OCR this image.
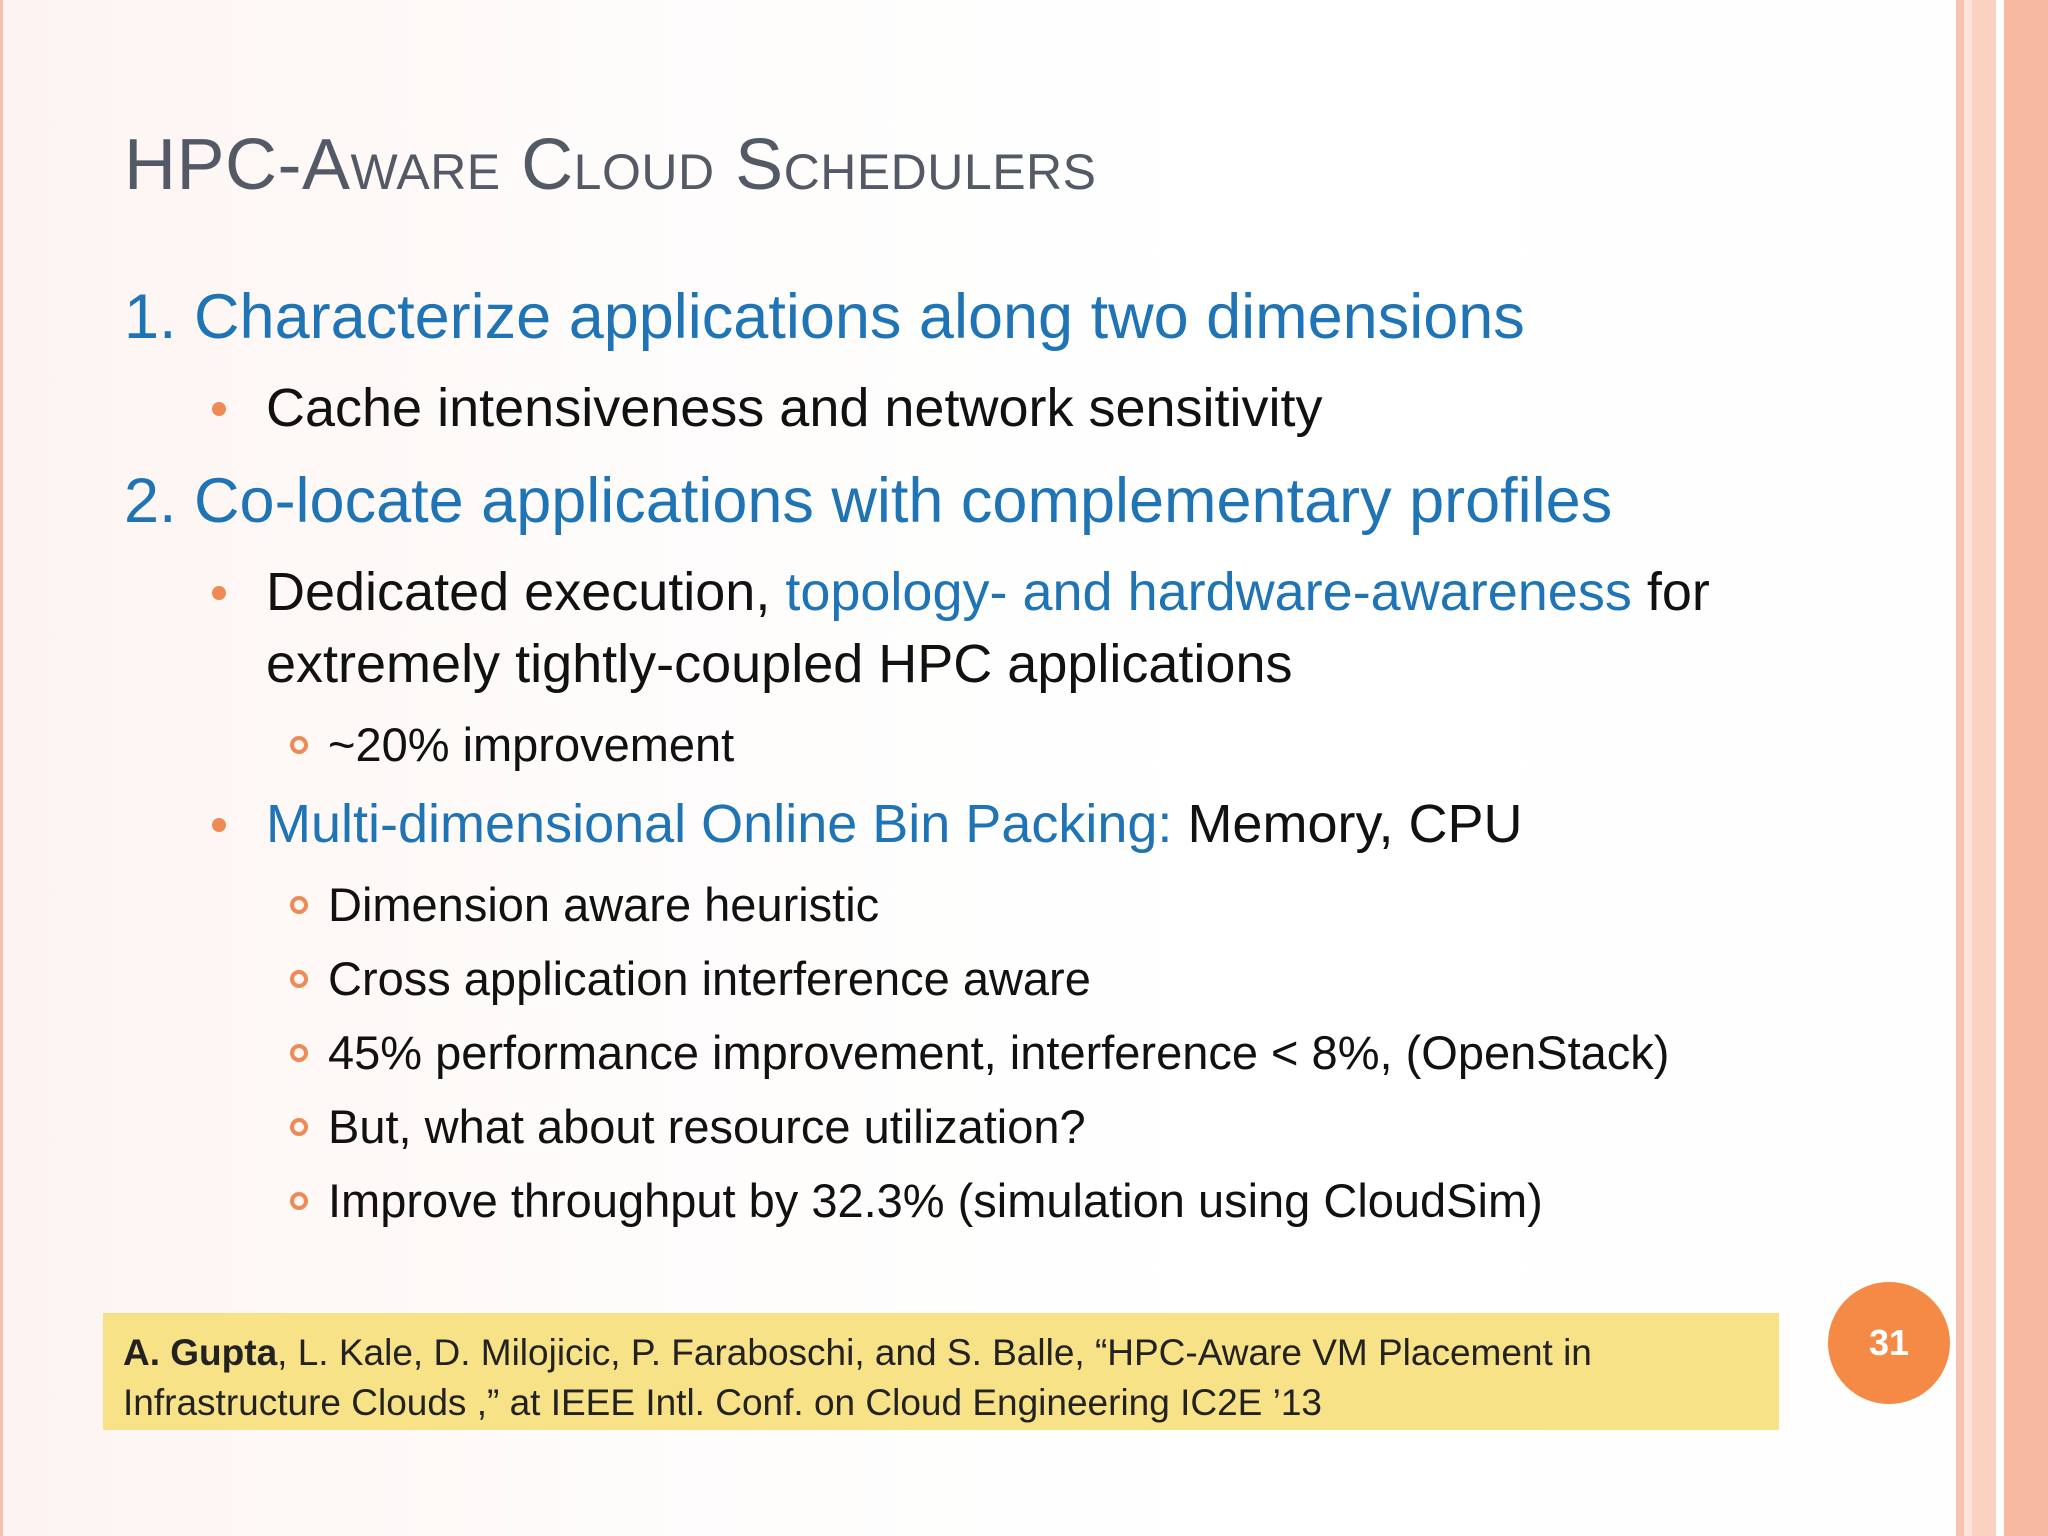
HPC-Aware Cloud Schedulers
1. Characterize applications along two dimensions
Cache intensiveness and network sensitivity
2. Co-locate applications with complementary profiles
Dedicated execution, topology- and hardware-awareness for
extremely tightly-coupled HPC applications
~20% improvement
Multi-dimensional Online Bin Packing: Memory, CPU
Dimension aware heuristic
Cross application interference aware
45% performance improvement, interference < 8%, (OpenStack)
But, what about resource utilization?
Improve throughput by 32.3% (simulation using CloudSim)
A. Gupta, L. Kale, D. Milojicic, P. Faraboschi, and S. Balle, “HPC-Aware VM Placement in
Infrastructure Clouds ,” at IEEE Intl. Conf. on Cloud Engineering IC2E ’13
31
